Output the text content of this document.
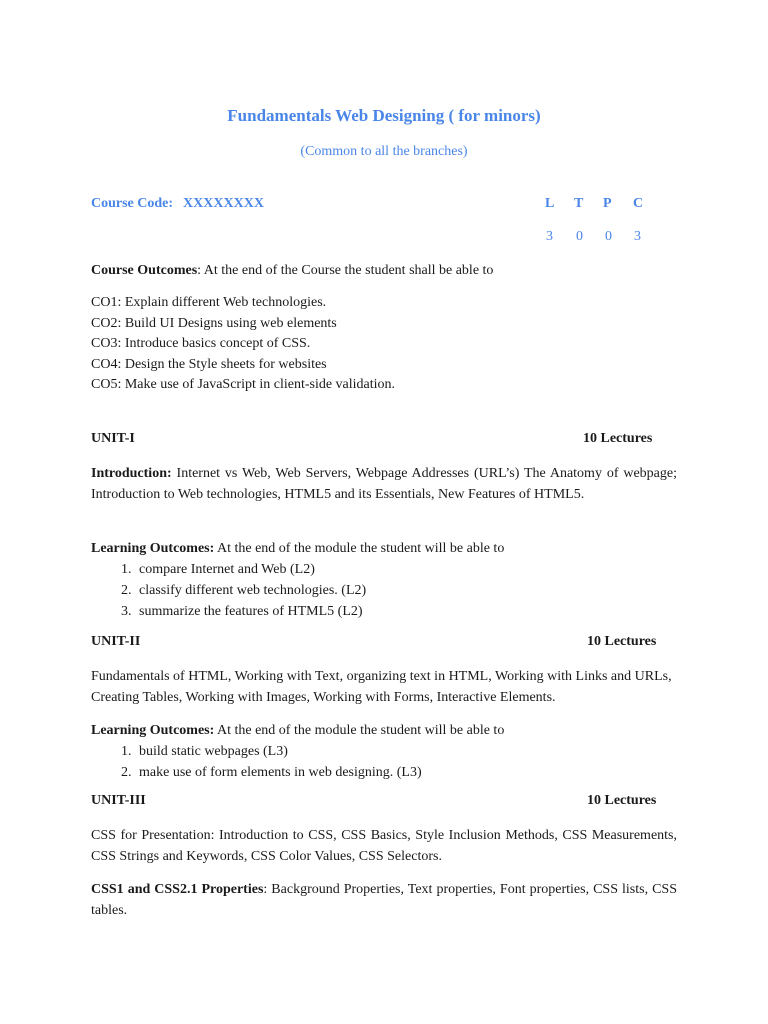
Fundamentals Web Designing ( for minors)
(Common to all the branches)
Course Code: XXXXXXXX	L T P C
3 0 0 3
Course Outcomes: At the end of the Course the student shall be able to
CO1: Explain different Web technologies.
CO2: Build UI Designs using web elements
CO3: Introduce basics concept of CSS.
CO4: Design the Style sheets for websites
CO5: Make use of JavaScript in client-side validation.
UNIT-I	10 Lectures
Introduction: Internet vs Web, Web Servers, Webpage Addresses (URL’s) The Anatomy of webpage; Introduction to Web technologies, HTML5 and its Essentials, New Features of HTML5.
Learning Outcomes: At the end of the module the student will be able to
1. compare Internet and Web (L2)
2. classify different web technologies. (L2)
3. summarize the features of HTML5 (L2)
UNIT-II	10 Lectures
Fundamentals of HTML, Working with Text, organizing text in HTML, Working with Links and URLs, Creating Tables, Working with Images, Working with Forms, Interactive Elements.
Learning Outcomes: At the end of the module the student will be able to
1. build static webpages (L3)
2. make use of form elements in web designing. (L3)
UNIT-III	10 Lectures
CSS for Presentation: Introduction to CSS, CSS Basics, Style Inclusion Methods, CSS Measurements, CSS Strings and Keywords, CSS Color Values, CSS Selectors.
CSS1 and CSS2.1 Properties: Background Properties, Text properties, Font properties, CSS lists, CSS tables.
